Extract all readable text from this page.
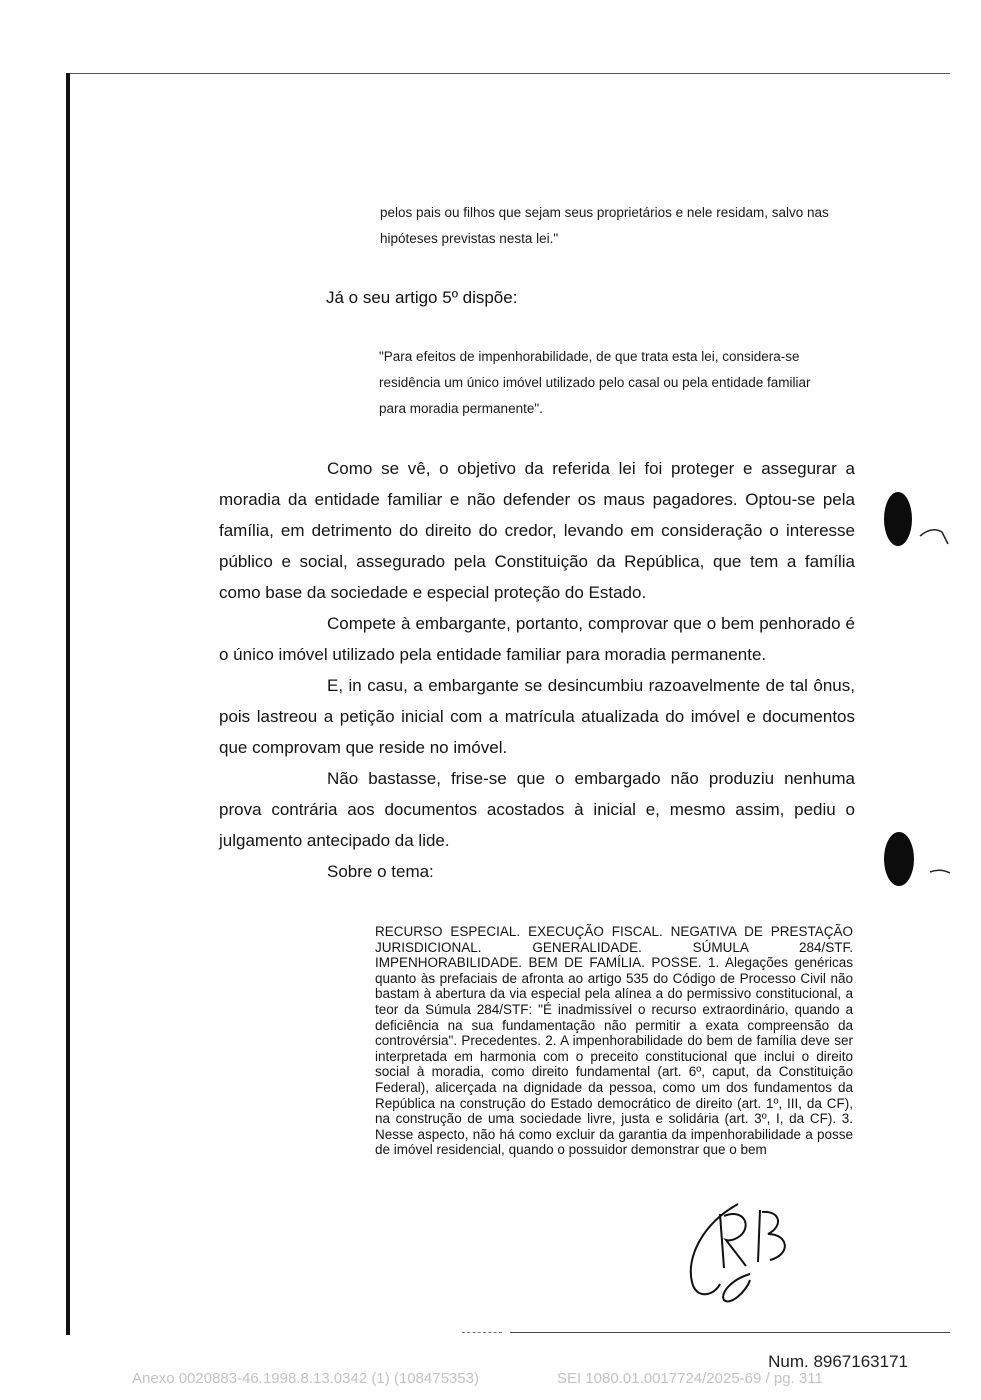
pelos pais ou filhos que sejam seus proprietários e nele residam, salvo nas

hipóteses previstas nesta lei."

Já o seu artigo 5º dispõe:

"Para efeitos de impenhorabilidade, de que trata esta lei, considera-se

residência um único imóvel utilizado pelo casal ou pela entidade familiar

para moradia permanente".

Como se vê, o objetivo da referida lei foi proteger e assegurar a moradia da entidade familiar e não defender os maus pagadores. Optou-se pela família, em detrimento do direito do credor, levando em consideração o interesse público e social, assegurado pela Constituição da República, que tem a família como base da sociedade e especial proteção do Estado.

Compete à embargante, portanto, comprovar que o bem penhorado é o único imóvel utilizado pela entidade familiar para moradia permanente.

E, in casu, a embargante se desincumbiu razoavelmente de tal ônus, pois lastreou a petição inicial com a matrícula atualizada do imóvel e documentos que comprovam que reside no imóvel.

Não bastasse, frise-se que o embargado não produziu nenhuma prova contrária aos documentos acostados à inicial e, mesmo assim, pediu o julgamento antecipado da lide.

Sobre o tema:

RECURSO ESPECIAL. EXECUÇÃO FISCAL. NEGATIVA DE PRESTAÇÃO JURISDICIONAL. GENERALIDADE. SÚMULA 284/STF. IMPENHORABILIDADE. BEM DE FAMÍLIA. POSSE. 1. Alegações genéricas quanto às prefaciais de afronta ao artigo 535 do Código de Processo Civil não bastam à abertura da via especial pela alínea a do permissivo constitucional, a teor da Súmula 284/STF: "É inadmissível o recurso extraordinário, quando a deficiência na sua fundamentação não permitir a exata compreensão da controvérsia". Precedentes. 2. A impenhorabilidade do bem de família deve ser interpretada em harmonia com o preceito constitucional que inclui o direito social à moradia, como direito fundamental (art. 6º, caput, da Constituição Federal), alicerçada na dignidade da pessoa, como um dos fundamentos da República na construção do Estado democrático de direito (art. 1º, III, da CF), na construção de uma sociedade livre, justa e solidária (art. 3º, I, da CF). 3. Nesse aspecto, não há como excluir da garantia da impenhorabilidade a posse de imóvel residencial, quando o possuidor demonstrar que o bem

Num. 8967163171
Anexo 0020883-46.1998.8.13.0342 (1) (108475353)	SEI 1080.01.0017724/2025-69 / pg. 311
